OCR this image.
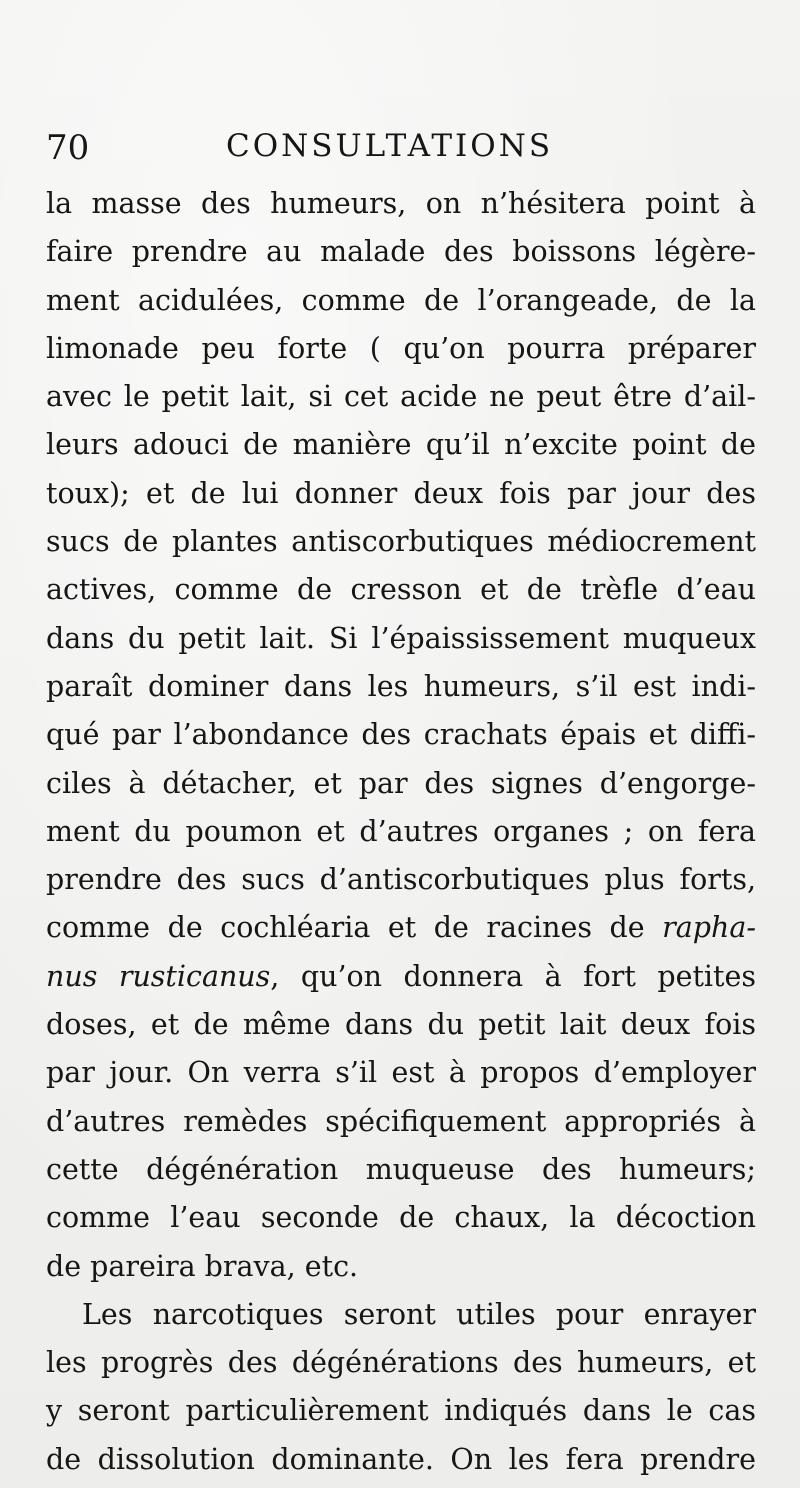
70	CONSULTATIONS
la masse des humeurs, on n’hésitera point à
faire prendre au malade des boissons légère-
ment acidulées, comme de l’orangeade, de la
limonade peu forte ( qu’on pourra préparer
avec le petit lait, si cet acide ne peut être d’ail-
leurs adouci de manière qu’il n’excite point de
toux); et de lui donner deux fois par jour des
sucs de plantes antiscorbutiques médiocrement
actives, comme de cresson et de trèfle d’eau
dans du petit lait. Si l’épaississement muqueux
paraît dominer dans les humeurs, s’il est indi-
qué par l’abondance des crachats épais et diffi-
ciles à détacher, et par des signes d’engorge-
ment du poumon et d’autres organes ; on fera
prendre des sucs d’antiscorbutiques plus forts,
comme de cochléaria et de racines de rapha-
nus rusticanus, qu’on donnera à fort petites
doses, et de même dans du petit lait deux fois
par jour. On verra s’il est à propos d’employer
d’autres remèdes spécifiquement appropriés à
cette dégénération muqueuse des humeurs;
comme l’eau seconde de chaux, la décoction
de pareira brava, etc.
Les narcotiques seront utiles pour enrayer
les progrès des dégénérations des humeurs, et
y seront particulièrement indiqués dans le cas
de dissolution dominante. On les fera prendre
